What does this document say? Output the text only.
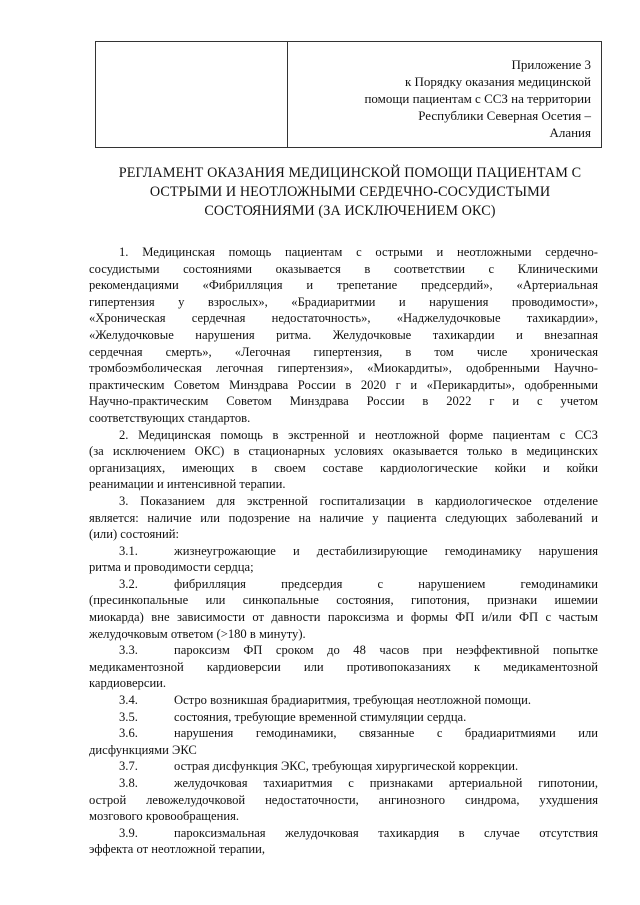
Приложение 3
к Порядку оказания медицинской
помощи пациентам с ССЗ на территории
Республики Северная Осетия –
Алания
РЕГЛАМЕНТ ОКАЗАНИЯ МЕДИЦИНСКОЙ ПОМОЩИ ПАЦИЕНТАМ С
ОСТРЫМИ И НЕОТЛОЖНЫМИ СЕРДЕЧНО-СОСУДИСТЫМИ
СОСТОЯНИЯМИ (ЗА ИСКЛЮЧЕНИЕМ ОКС)
1. Медицинская помощь пациентам с острыми и неотложными сердечно-
сосудистыми состояниями оказывается в соответствии с Клиническими
рекомендациями «Фибрилляция и трепетание предсердий», «Артериальная
гипертензия у взрослых», «Брадиаритмии и нарушения проводимости»,
«Хроническая сердечная недостаточность», «Наджелудочковые тахикардии»,
«Желудочковые нарушения ритма. Желудочковые тахикардии и внезапная
сердечная смерть», «Легочная гипертензия, в том числе хроническая
тромбоэмболическая легочная гипертензия», «Миокардиты», одобренными Научно-
практическим Советом Минздрава России в 2020 г и «Перикардиты», одобренными
Научно-практическим Советом Минздрава России в 2022 г и с учетом
соответствующих стандартов.
2. Медицинская помощь в экстренной и неотложной форме пациентам с ССЗ
(за исключением ОКС) в стационарных условиях оказывается только в медицинских
организациях, имеющих в своем составе кардиологические койки и койки
реанимации и интенсивной терапии.
3. Показанием для экстренной госпитализации в кардиологическое отделение
является: наличие или подозрение на наличие у пациента следующих заболеваний и
(или) состояний:
3.1.	жизнеугрожающие и дестабилизирующие гемодинамику нарушения
ритма и проводимости сердца;
3.2.	фибрилляция предсердия с нарушением гемодинамики
(пресинкопальные или синкопальные состояния, гипотония, признаки ишемии
миокарда) вне зависимости от давности пароксизма и формы ФП и/или ФП с частым
желудочковым ответом (>180 в минуту).
3.3.	пароксизм ФП сроком до 48 часов при неэффективной попытке
медикаментозной кардиоверсии или противопоказаниях к медикаментозной
кардиоверсии.
3.4.	Остро возникшая брадиаритмия, требующая неотложной помощи.
3.5.	состояния, требующие временной стимуляции сердца.
3.6.	нарушения гемодинамики, связанные с брадиаритмиями или
дисфункциями ЭКС
3.7.	острая дисфункция ЭКС, требующая хирургической коррекции.
3.8.	желудочковая тахиаритмия с признаками артериальной гипотонии,
острой левожелудочковой недостаточности, ангинозного синдрома, ухудшения
мозгового кровообращения.
3.9.	пароксизмальная желудочковая тахикардия в случае отсутствия
эффекта от неотложной терапии,
